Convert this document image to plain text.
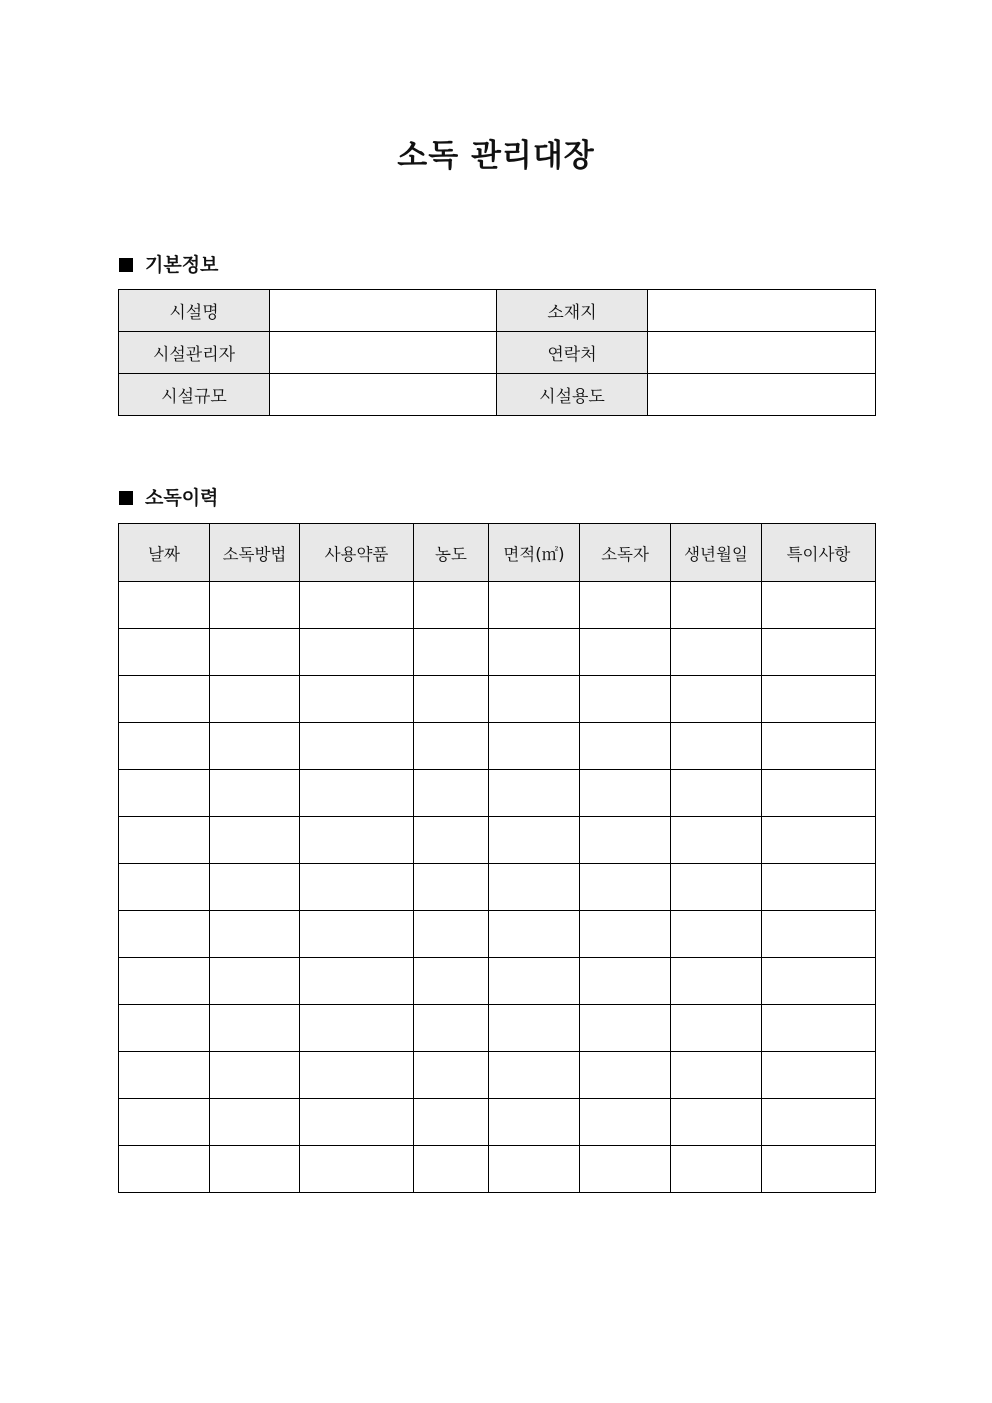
소독 관리대장
기본정보
시설명		소재지	
시설관리자		연락처	
시설규모		시설용도	
소독이력
날짜	소독방법	사용약품	농도	면적(㎡)	소독자	생년월일	특이사항
